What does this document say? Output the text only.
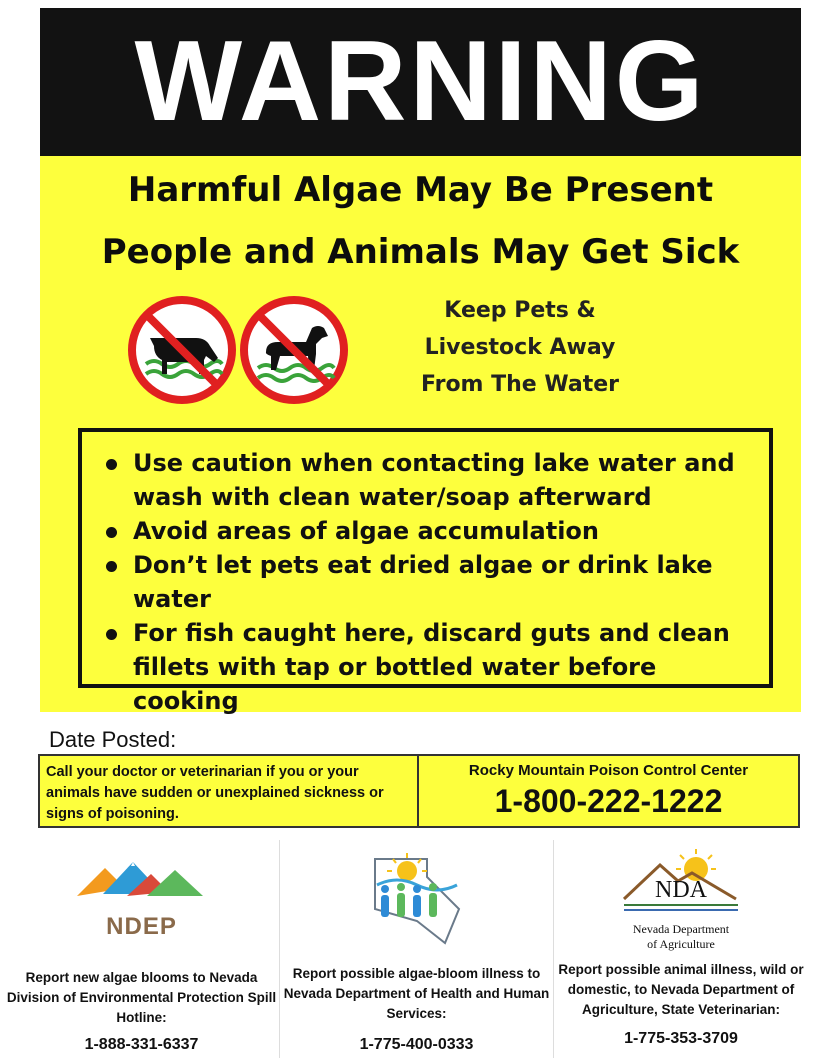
WARNING
Harmful Algae May Be Present
People and Animals May Get Sick
Keep Pets &
Livestock Away
From The Water
Use caution when contacting lake water and wash with clean water/soap afterward
Avoid areas of algae accumulation
Don’t let pets eat dried algae or drink lake water
For fish caught here, discard guts and clean fillets with tap or bottled water before cooking
Date Posted:
Call your doctor or veterinarian if you or your animals have sudden or unexplained sickness or signs of poisoning.
Rocky Mountain Poison Control Center
1-800-222-1222
NDEP
Report new algae blooms to Nevada Division of Environmental Protection Spill Hotline:
1-888-331-6337
Report possible algae-bloom illness to Nevada Department of Health and Human Services:
1-775-400-0333
NDA
Nevada Department
of Agriculture
Report possible animal illness, wild or domestic, to Nevada Department of Agriculture, State Veterinarian:
1-775-353-3709
